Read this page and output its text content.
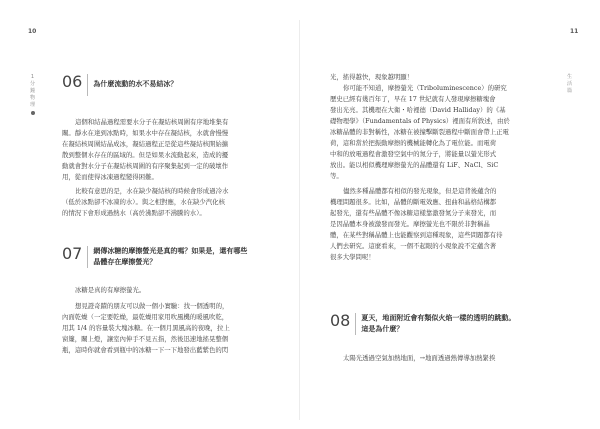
10
1
分
鐘
物
理
06	為什麼流動的水不易結冰？
這個和結晶過程需要水分子在凝結核周圍有序地堆集有
關。靜水在達到冰點時，如果水中存在凝結核，水就會慢慢
在凝結核周圍結晶成冰，凝結過程正是從這些凝結核開始擴
散到整個水存在的區域的。但是如果水流動起來，造成的擾
動就會對水分子在凝結核周圍的有序聚集起到一定的破壞作
用，從而使得冰凍過程變得困難。
比較有意思的是，水在缺少凝結核的時候會形成過冷水
（低於冰點卻不冰凍的水）。與之相對應，水在缺少汽化核
的情況下會形成過熱水（高於沸點卻不沸騰的水）。
07	網傳冰糖的摩擦螢光是真的嗎？如果是，還有哪些
晶體存在摩擦螢光？
冰糖是真的有摩擦螢光。
想見證奇蹟的朋友可以做一個小實驗：找一個透明的，
內面乾燥（一定要乾燥，最乾燥用家用吹風機的暖風吹乾，
用其 1/4 的容量裝大塊冰糖。在一個月黑風高的夜晚，拉上
窗簾，關上燈，讓室內伸手不見五指，然後迅速地搖晃整個
瓶，這時你就會看到瓶中的冰糖一下一下地發出藍紫色的閃
11
生
活
篇
光，搖得越快，現象越明顯！
你可能不知道，摩擦螢光（Triboluminescence）的研究
歷史已經有幾百年了，早在 17 世紀就有人發現摩擦糖塊會
發出光亮。其機理在大衛・哈裡德（David Halliday）的《基
礎物理學》（Fundamentals of Physics）裡面有所敘述，由於
冰糖晶體的非對稱性，冰糖在被撞擊斷裂過程中斷面會帶上正電
荷，這和當於把振動摩擦的機械能轉化為了電位能。而電荷
中和的放電過程會激發空氣中的氮分子，將能量以螢光形式
放出。能以相似機理摩擦螢光的晶體還有 LiF、NaCl、SiC
等。
儘然多種晶體都有相似的發光現象，但是這背後蘊含的
機理問題很多。比如，晶體的斷電效應、扭曲和晶格結構都
起發光，還有些晶體不像冰糖這樣靠激發氮分子來發光，而
是因晶體本身被激發而發光。摩擦螢光也不限於非對稱晶
體，在某些對稱晶體上也能觀察到這種現象，這些問題都有待
人們去研究。這麼看來，一個不起眼的小現象說不定蘊含著
很多大學問呢！
08	夏天，地面附近會有類似火焰一樣的透明的跳動。
這是為什麼？
太陽光透過空氣加熱地面，→地面透過熱傳導加熱緊挨
